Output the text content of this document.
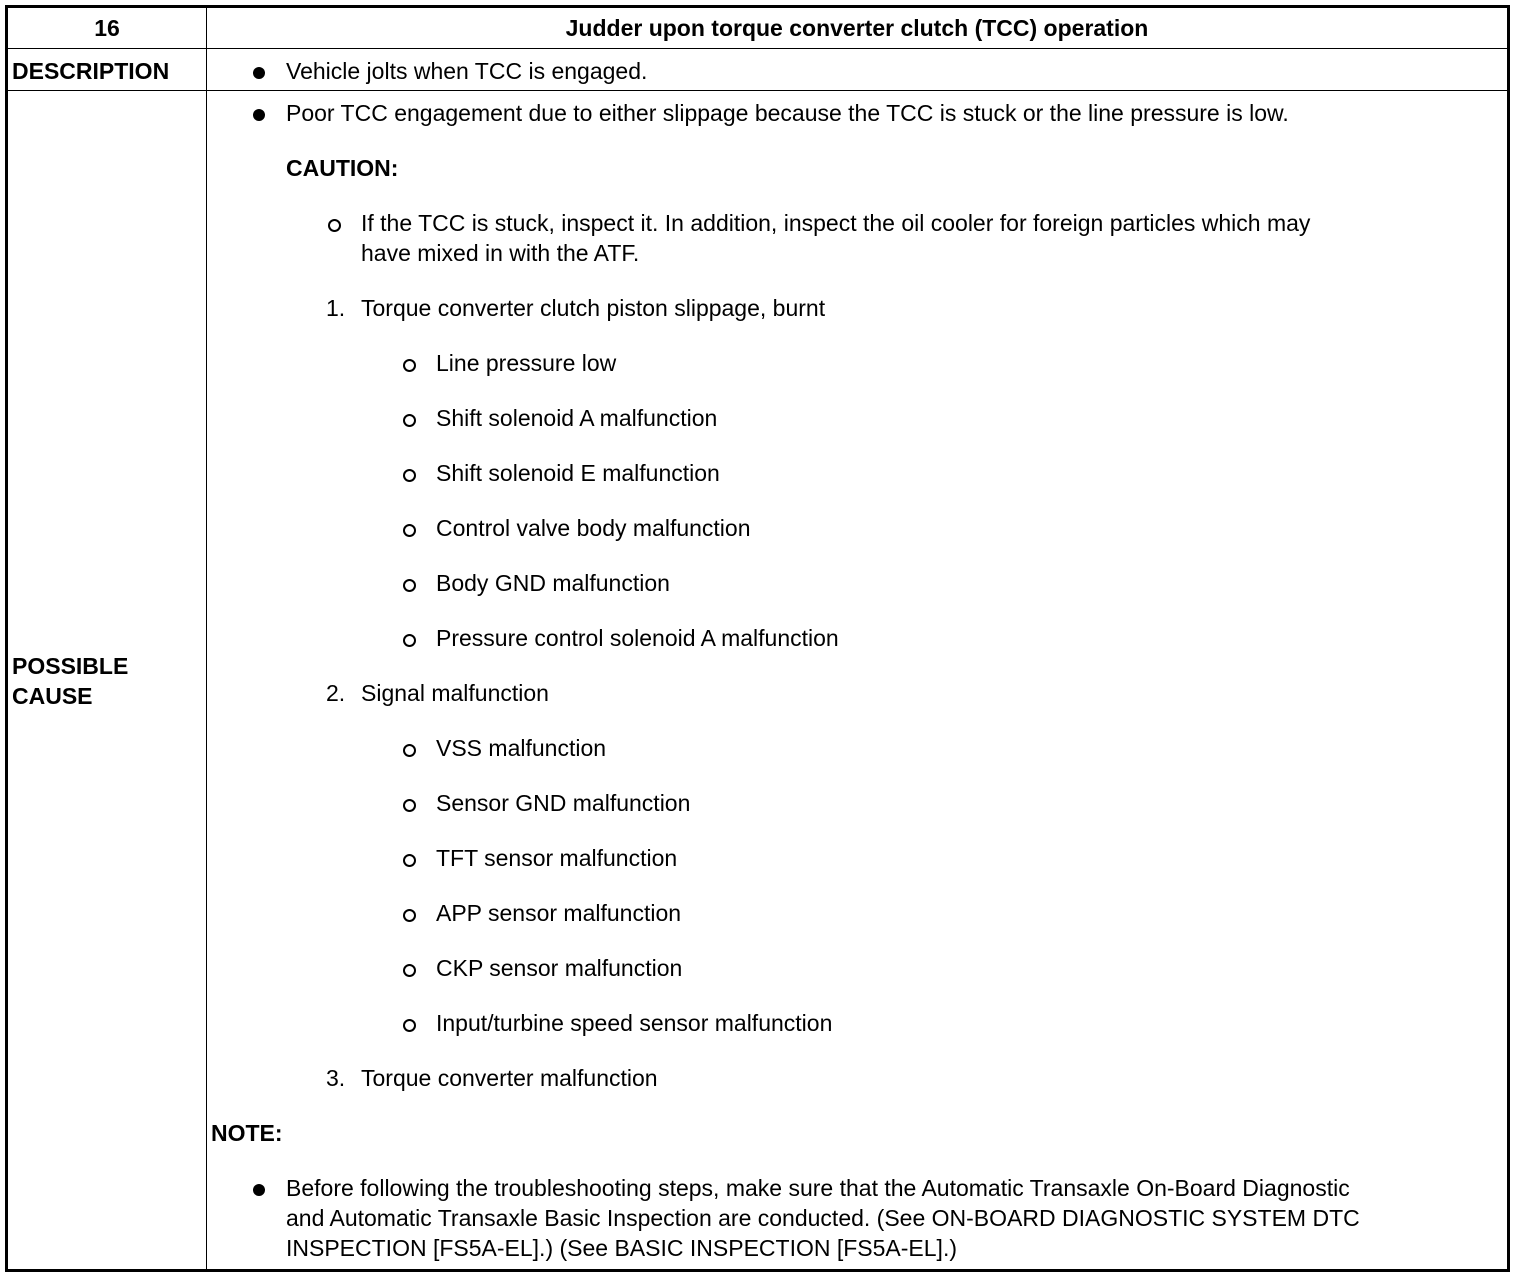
16	Judder upon torque converter clutch (TCC) operation
DESCRIPTION	Vehicle jolts when TCC is engaged.
POSSIBLE
CAUSE
Poor TCC engagement due to either slippage because the TCC is stuck or the line pressure is low.
CAUTION:
If the TCC is stuck, inspect it. In addition, inspect the oil cooler for foreign particles which may
have mixed in with the ATF.
1. Torque converter clutch piston slippage, burnt
Line pressure low
Shift solenoid A malfunction
Shift solenoid E malfunction
Control valve body malfunction
Body GND malfunction
Pressure control solenoid A malfunction
2. Signal malfunction
VSS malfunction
Sensor GND malfunction
TFT sensor malfunction
APP sensor malfunction
CKP sensor malfunction
Input/turbine speed sensor malfunction
3. Torque converter malfunction
NOTE:
Before following the troubleshooting steps, make sure that the Automatic Transaxle On-Board Diagnostic
and Automatic Transaxle Basic Inspection are conducted. (See ON-BOARD DIAGNOSTIC SYSTEM DTC
INSPECTION [FS5A-EL].) (See BASIC INSPECTION [FS5A-EL].)
